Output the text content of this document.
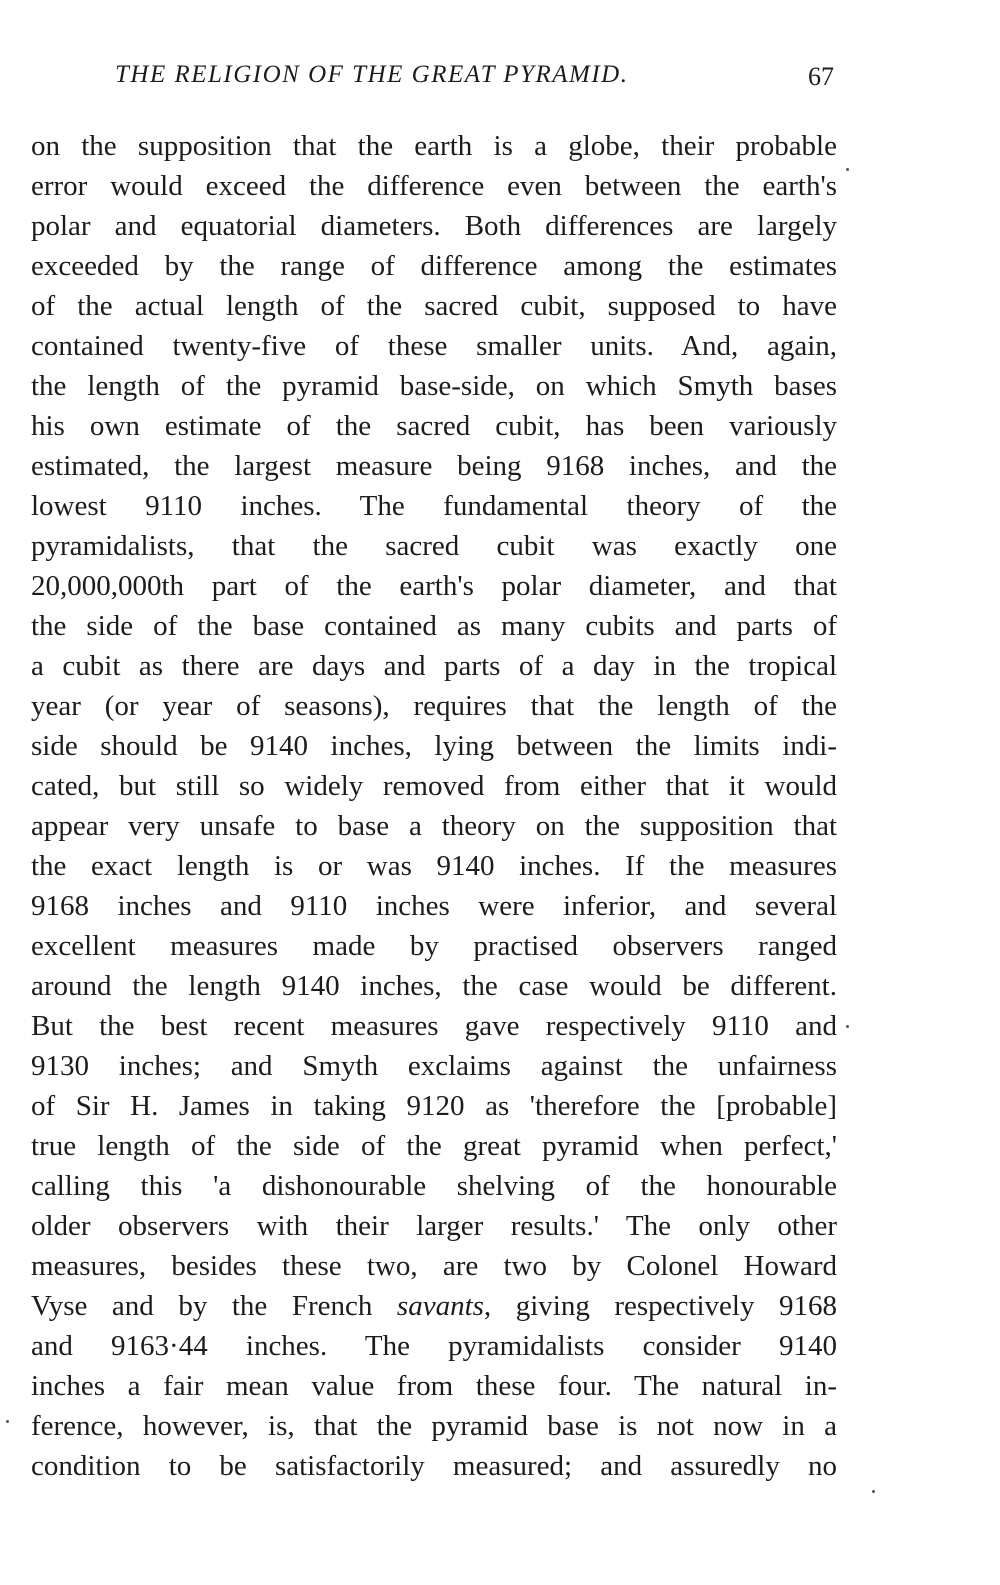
THE RELIGION OF THE GREAT PYRAMID.	67
on the supposition that the earth is a globe, their probable
error would exceed the difference even between the earth's
polar and equatorial diameters. Both differences are largely
exceeded by the range of difference among the estimates
of the actual length of the sacred cubit, supposed to have
contained twenty-five of these smaller units. And, again,
the length of the pyramid base-side, on which Smyth bases
his own estimate of the sacred cubit, has been variously
estimated, the largest measure being 9168 inches, and the
lowest 9110 inches. The fundamental theory of the
pyramidalists, that the sacred cubit was exactly one
20,000,000th part of the earth's polar diameter, and that
the side of the base contained as many cubits and parts of
a cubit as there are days and parts of a day in the tropical
year (or year of seasons), requires that the length of the
side should be 9140 inches, lying between the limits indi-
cated, but still so widely removed from either that it would
appear very unsafe to base a theory on the supposition that
the exact length is or was 9140 inches. If the measures
9168 inches and 9110 inches were inferior, and several
excellent measures made by practised observers ranged
around the length 9140 inches, the case would be different.
But the best recent measures gave respectively 9110 and
9130 inches; and Smyth exclaims against the unfairness
of Sir H. James in taking 9120 as 'therefore the [probable]
true length of the side of the great pyramid when perfect,'
calling this 'a dishonourable shelving of the honourable
older observers with their larger results.' The only other
measures, besides these two, are two by Colonel Howard
Vyse and by the French savants, giving respectively 9168
and 9163·44 inches. The pyramidalists consider 9140
inches a fair mean value from these four. The natural in-
ference, however, is, that the pyramid base is not now in a
condition to be satisfactorily measured; and assuredly no
